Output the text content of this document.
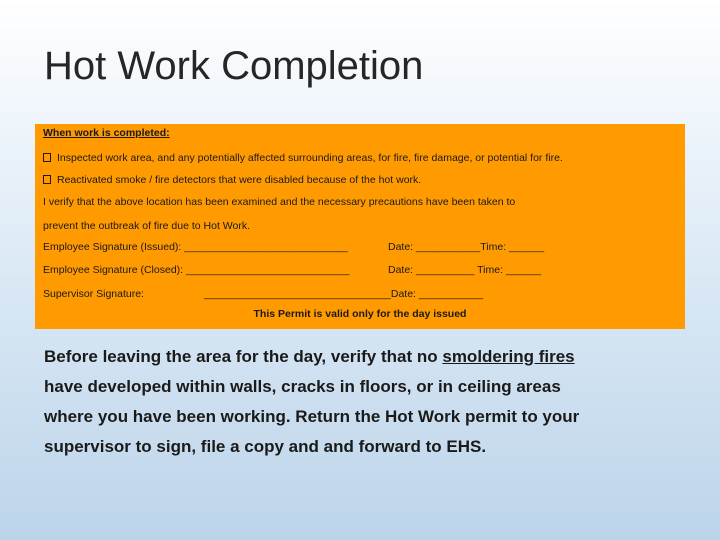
Hot Work Completion
When work is completed:
Inspected work area, and any potentially affected surrounding areas, for fire, fire damage, or potential for fire.
Reactivated smoke / fire detectors that were disabled because of the hot work.
I verify that the above location has been examined and the necessary precautions have been taken to
prevent the outbreak of fire due to Hot Work.
Employee Signature (Issued): ____________________________	Date: ___________Time: ______
Employee Signature (Closed): ____________________________	Date: __________ Time: ______
Supervisor Signature:	________________________________Date: ___________
This Permit is valid only for the day issued

Before leaving the area for the day, verify that no smoldering fires have developed within walls, cracks in floors, or in ceiling areas where you have been working. Return the Hot Work permit to your supervisor to sign, file a copy and and forward to EHS.
